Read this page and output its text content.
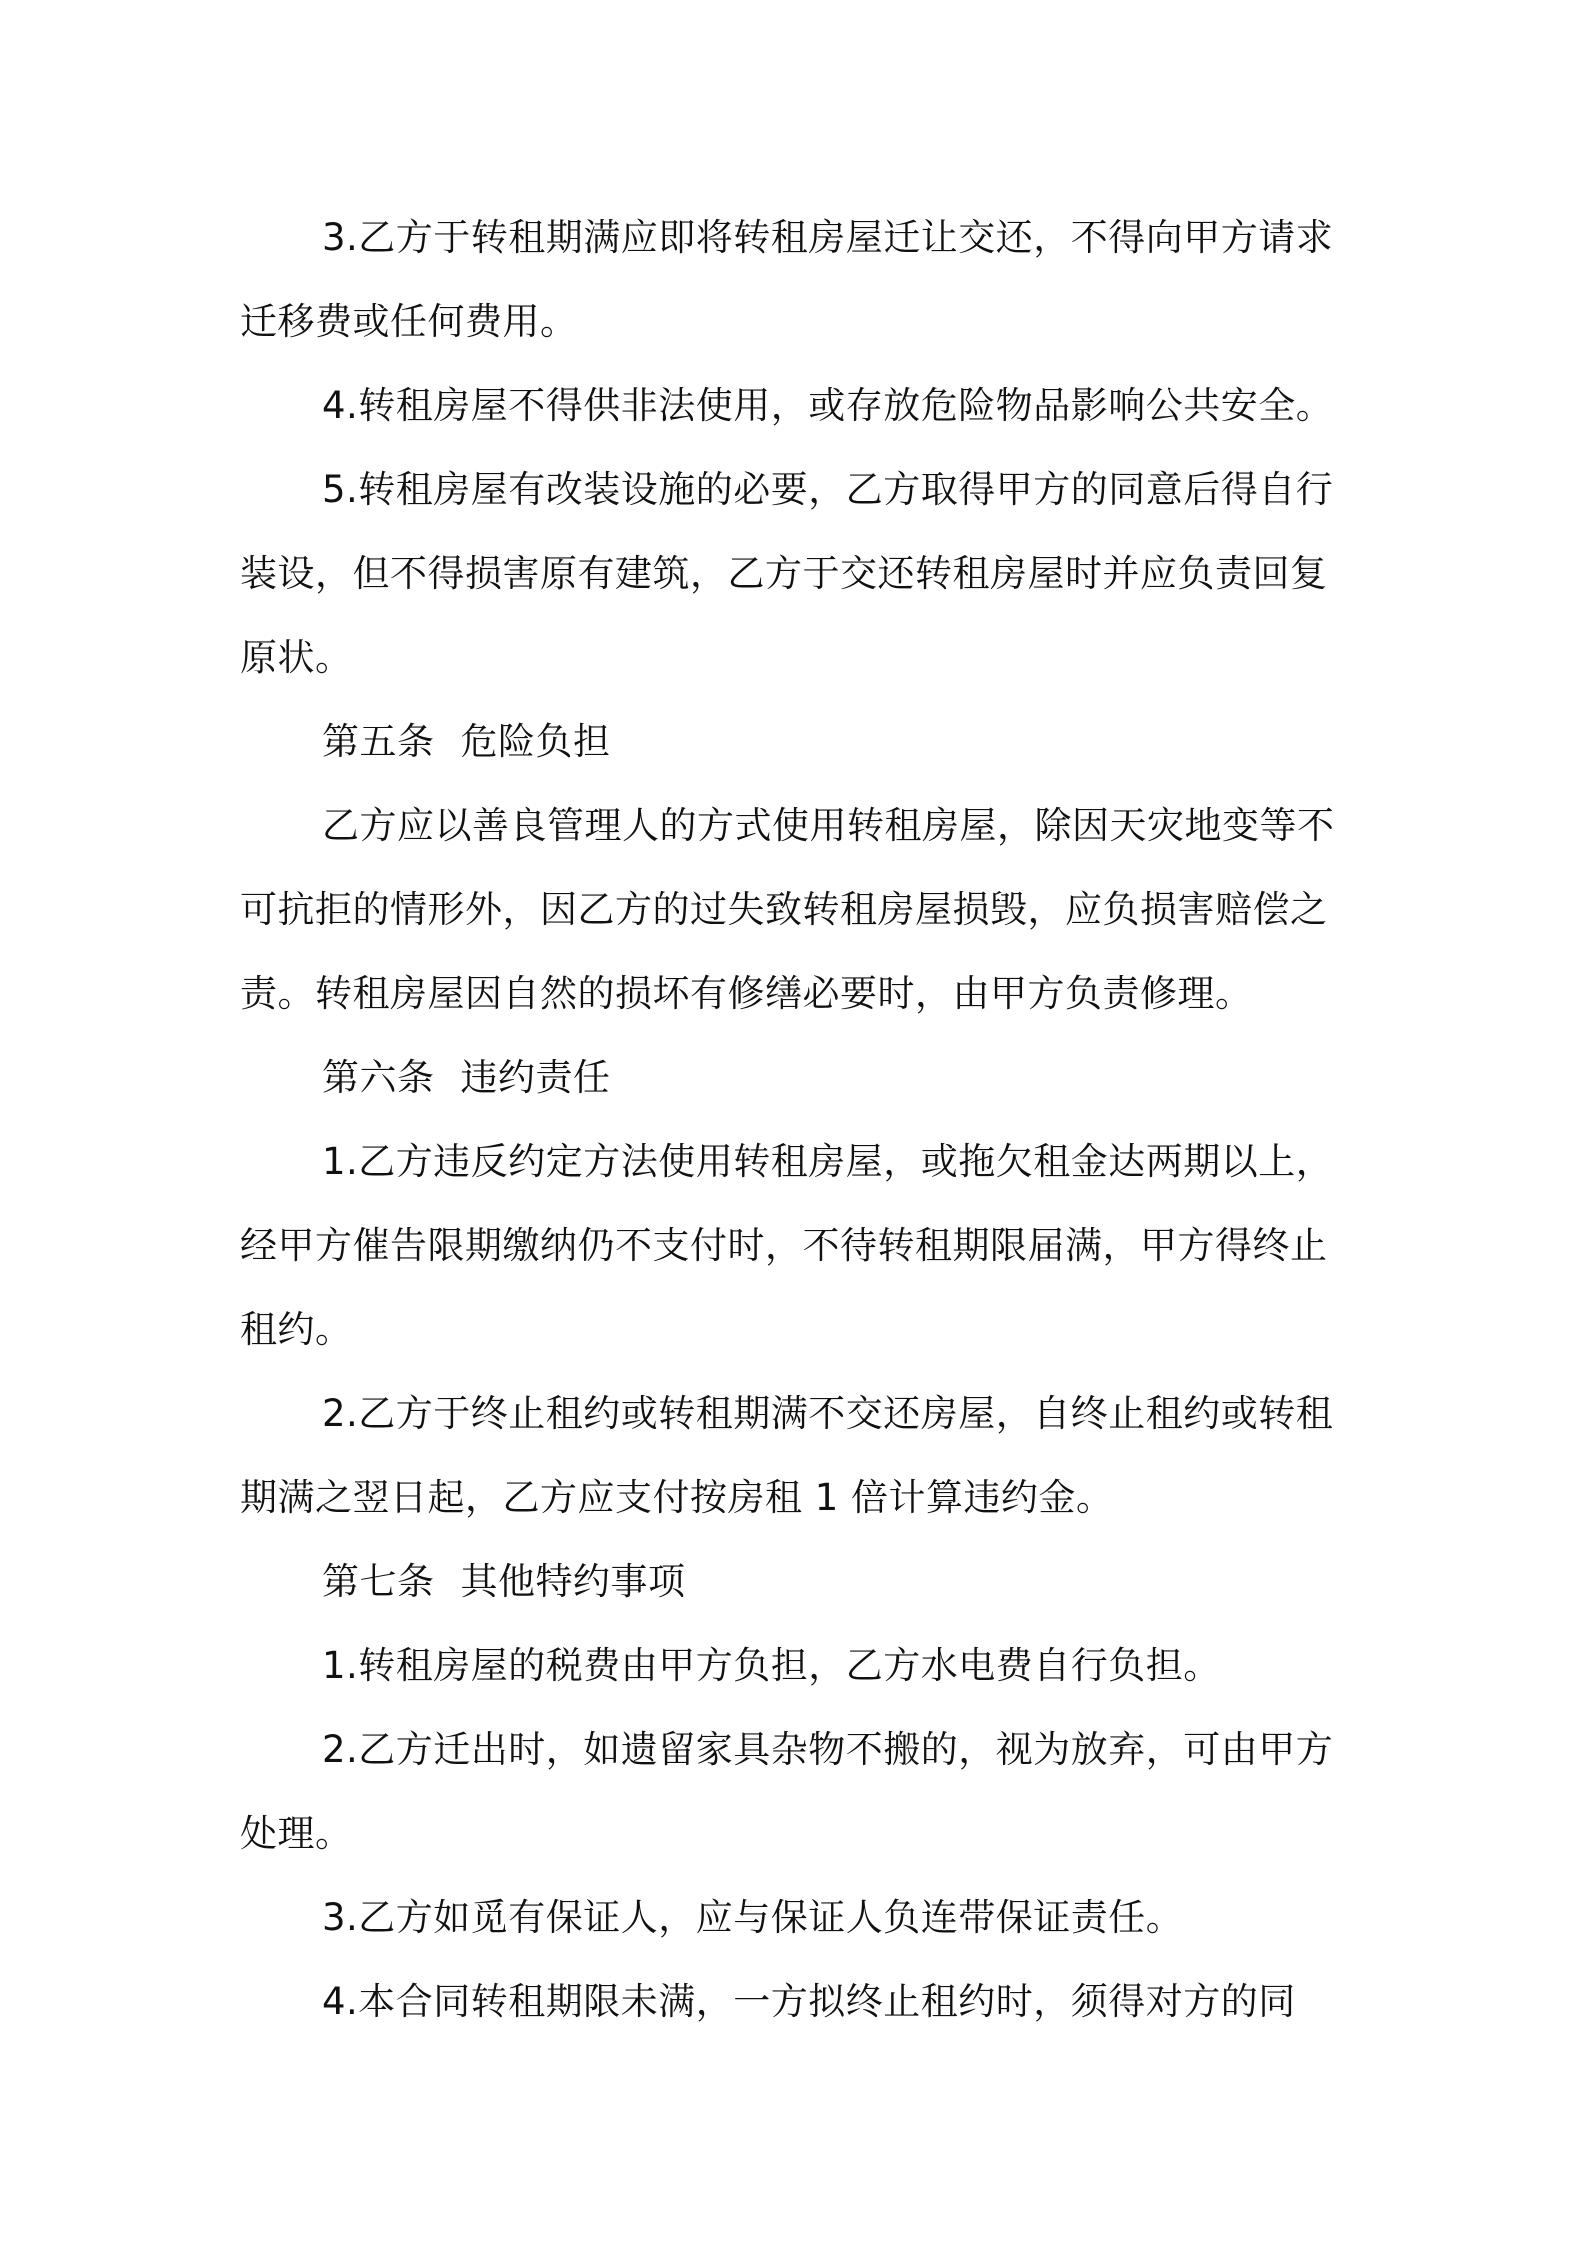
3.乙方于转租期满应即将转租房屋迁让交还，不得向甲方请求迁移费或任何费用。

4.转租房屋不得供非法使用，或存放危险物品影响公共安全。

5.转租房屋有改装设施的必要，乙方取得甲方的同意后得自行装设，但不得损害原有建筑，乙方于交还转租房屋时并应负责回复原状。

第五条 危险负担

乙方应以善良管理人的方式使用转租房屋，除因天灾地变等不可抗拒的情形外，因乙方的过失致转租房屋损毁，应负损害赔偿之责。转租房屋因自然的损坏有修缮必要时，由甲方负责修理。

第六条 违约责任

1.乙方违反约定方法使用转租房屋，或拖欠租金达两期以上，经甲方催告限期缴纳仍不支付时，不待转租期限届满，甲方得终止租约。

2.乙方于终止租约或转租期满不交还房屋，自终止租约或转租期满之翌日起，乙方应支付按房租 1 倍计算违约金。

第七条 其他特约事项

1.转租房屋的税费由甲方负担，乙方水电费自行负担。

2.乙方迁出时，如遗留家具杂物不搬的，视为放弃，可由甲方处理。

3.乙方如觅有保证人，应与保证人负连带保证责任。

4.本合同转租期限未满，一方拟终止租约时，须得对方的同
